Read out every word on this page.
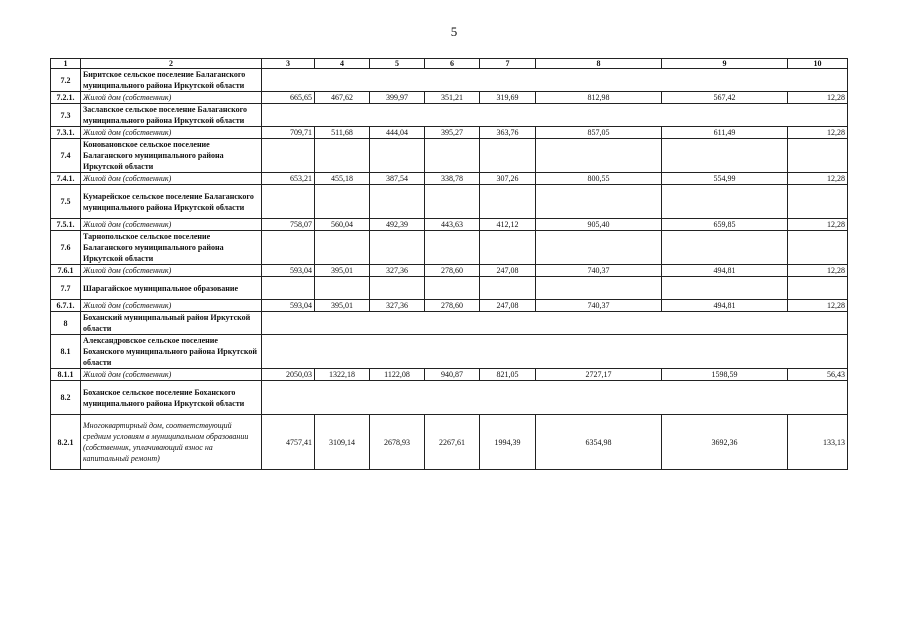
5
1	2	3	4	5	6	7	8	9	10
7.2	Биритское сельское поселение Балаганского муниципального района Иркутской области								
7.2.1.	Жилой дом (собственник)	665,65	467,62	399,97	351,21	319,69	812,98	567,42	12,28
7.3	Заславское сельское поселение Балаганского муниципального района Иркутской области								
7.3.1.	Жилой дом (собственник)	709,71	511,68	444,04	395,27	363,76	857,05	611,49	12,28
7.4	Коновановское сельское поселение Балаганского муниципального района Иркутской области								
7.4.1.	Жилой дом (собственник)	653,21	455,18	387,54	338,78	307,26	800,55	554,99	12,28
7.5	Кумарейское сельское поселение Балаганского муниципального района Иркутской области								
7.5.1.	Жилой дом (собственник)	758,07	560,04	492,39	443,63	412,12	905,40	659,85	12,28
7.6	Тарнопольское сельское поселение Балаганского муниципального района Иркутской области								
7.6.1	Жилой дом (собственник)	593,04	395,01	327,36	278,60	247,08	740,37	494,81	12,28
7.7	Шарагайское муниципальное образование								
6.7.1.	Жилой дом (собственник)	593,04	395,01	327,36	278,60	247,08	740,37	494,81	12,28
8	Боханский муниципальный район Иркутской области								
8.1	Александровское сельское поселение Боханского муниципального района Иркутской области								
8.1.1	Жилой дом (собственник)	2050,03	1322,18	1122,08	940,87	821,05	2727,17	1598,59	56,43
8.2	Боханское сельское поселение Боханского муниципального района Иркутской области								
8.2.1	Многоквартирный дом, соответствующий средним условиям в муниципальном образовании (собственник, уплачивающий взнос на капитальный ремонт)	4757,41	3109,14	2678,93	2267,61	1994,39	6354,98	3692,36	133,13
